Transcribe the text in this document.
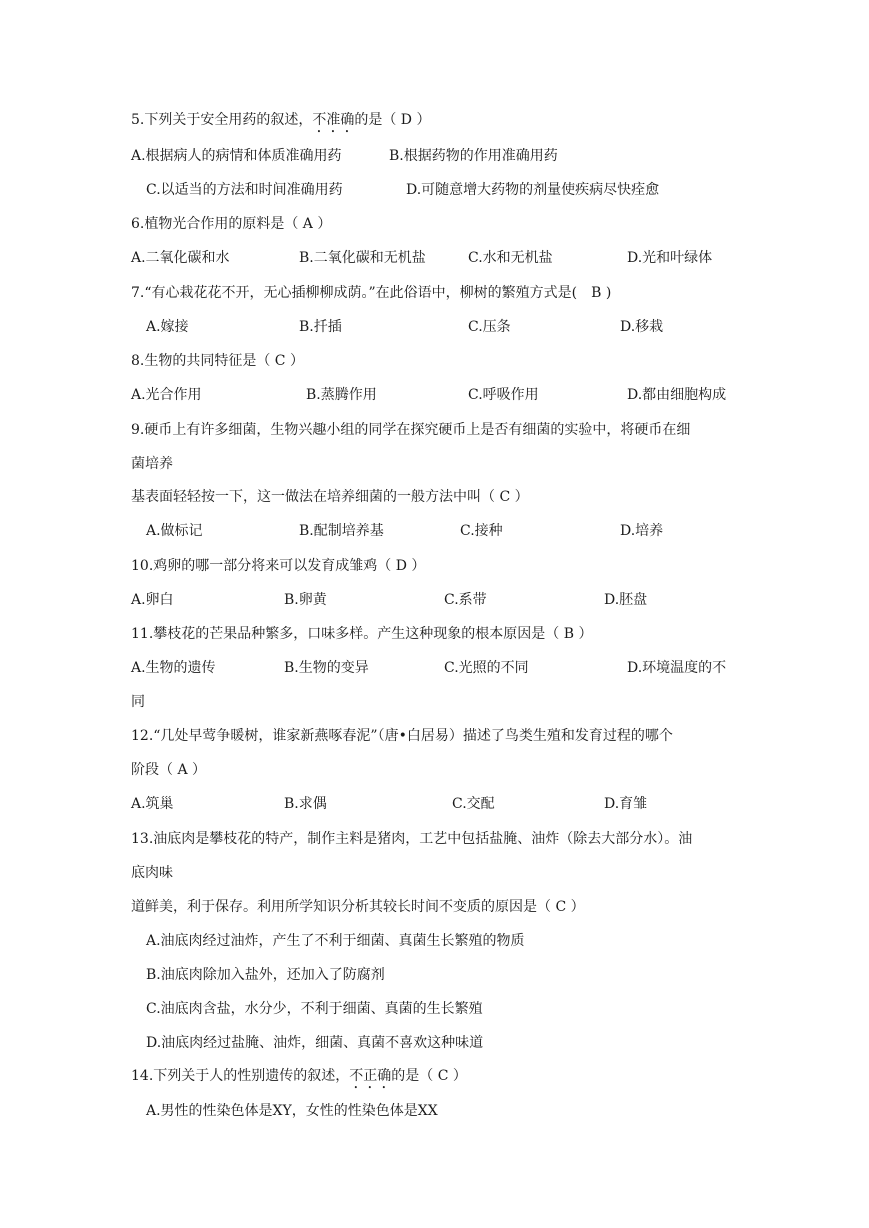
5.下列关于安全用药的叙述，不准确的是（ D ）
A.根据病人的病情和体质准确用药	B.根据药物的作用准确用药
C.以适当的方法和时间准确用药	D.可随意增大药物的剂量使疾病尽快痊愈
6.植物光合作用的原料是（ A ）
A.二氧化碳和水	B.二氧化碳和无机盐	C.水和无机盐	D.光和叶绿体
7.“有心栽花花不开，无心插柳柳成荫。”在此俗语中，柳树的繁殖方式是(　B )
A.嫁接	B.扦插	C.压条	D.移栽
8.生物的共同特征是（ C ）
A.光合作用	B.蒸腾作用	C.呼吸作用	D.都由细胞构成
9.硬币上有许多细菌，生物兴趣小组的同学在探究硬币上是否有细菌的实验中，将硬币在细
菌培养
基表面轻轻按一下，这一做法在培养细菌的一般方法中叫（ C ）
A.做标记	B.配制培养基	C.接种	D.培养
10.鸡卵的哪一部分将来可以发育成雏鸡（ D ）
A.卵白	B.卵黄	C.系带	D.胚盘
11.攀枝花的芒果品种繁多，口味多样。产生这种现象的根本原因是（ B ）
A.生物的遗传	B.生物的变异	C.光照的不同	D.环境温度的不
同
12.“几处早莺争暖树，谁家新燕啄春泥”（唐•白居易）描述了鸟类生殖和发育过程的哪个
阶段（ A ）
A.筑巢	B.求偶	C.交配	D.育雏
13.油底肉是攀枝花的特产，制作主料是猪肉，工艺中包括盐腌、油炸（除去大部分水）。油
底肉味
道鲜美，利于保存。利用所学知识分析其较长时间不变质的原因是（ C ）
A.油底肉经过油炸，产生了不利于细菌、真菌生长繁殖的物质
B.油底肉除加入盐外，还加入了防腐剂
C.油底肉含盐，水分少，不利于细菌、真菌的生长繁殖
D.油底肉经过盐腌、油炸，细菌、真菌不喜欢这种味道
14.下列关于人的性别遗传的叙述，不正确的是（ C ）
A.男性的性染色体是XY，女性的性染色体是XX
